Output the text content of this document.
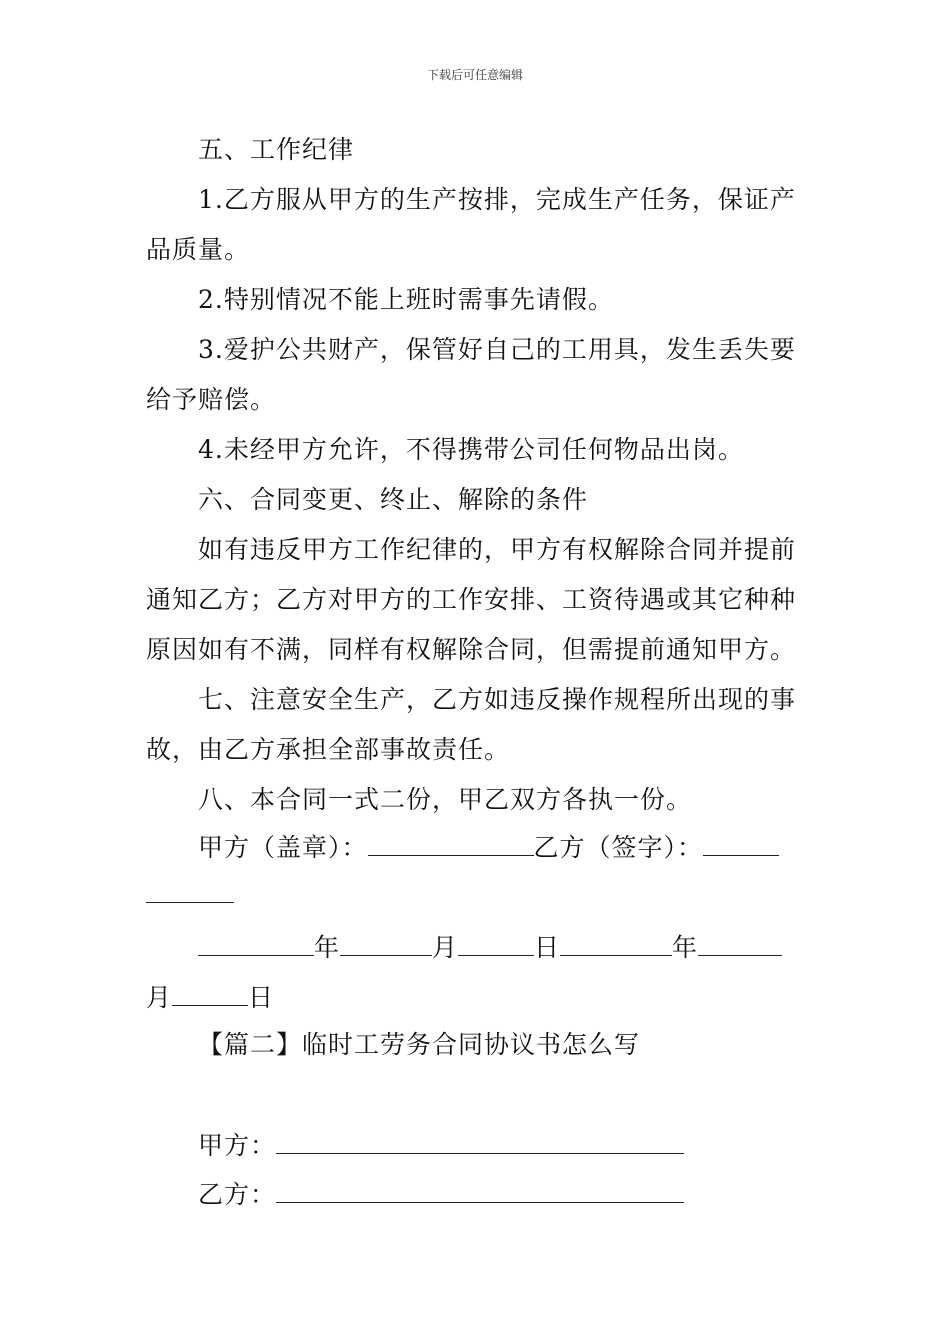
下载后可任意编辑
五、工作纪律
1.乙方服从甲方的生产按排，完成生产任务，保证产
品质量。
2.特别情况不能上班时需事先请假。
3.爱护公共财产，保管好自己的工用具，发生丢失要
给予赔偿。
4.未经甲方允许，不得携带公司任何物品出岗。
六、合同变更、终止、解除的条件
如有违反甲方工作纪律的，甲方有权解除合同并提前
通知乙方；乙方对甲方的工作安排、工资待遇或其它种种
原因如有不满，同样有权解除合同，但需提前通知甲方。
七、注意安全生产，乙方如违反操作规程所出现的事
故，由乙方承担全部事故责任。
八、本合同一式二份，甲乙双方各执一份。
甲方（盖章）：	乙方（签字）：
年	月	日	年
月	日
【篇二】临时工劳务合同协议书怎么写
甲方：
乙方：
